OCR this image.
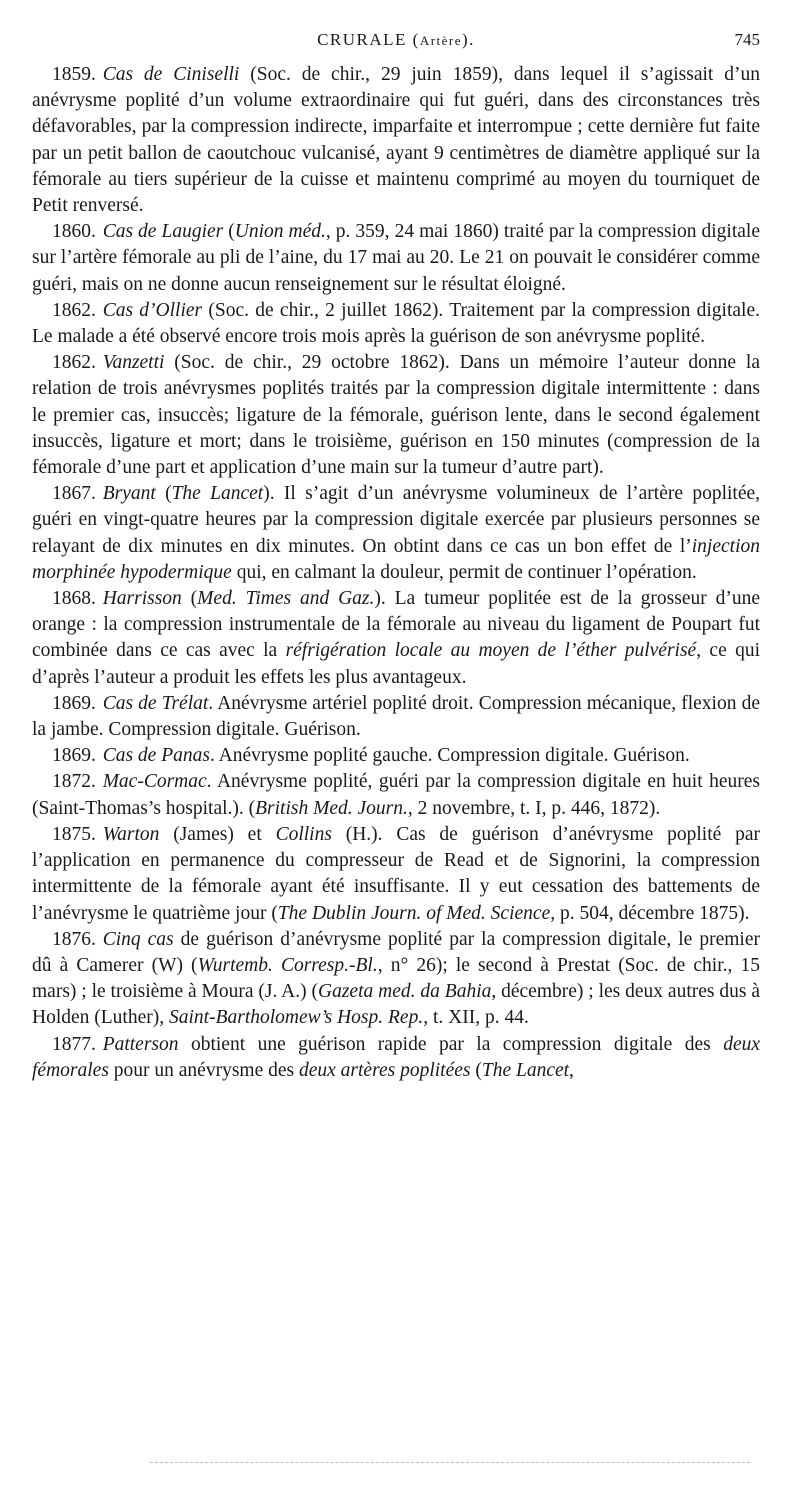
CRURALE (Artère).	745

1859. Cas de Ciniselli (Soc. de chir., 29 juin 1859), dans lequel il s’agissait d’un anévrysme poplité d’un volume extraordinaire qui fut guéri, dans des circonstances très défavorables, par la compression indirecte, imparfaite et interrompue ; cette dernière fut faite par un petit ballon de caoutchouc vulcanisé, ayant 9 centimètres de diamètre appliqué sur la fémorale au tiers supérieur de la cuisse et maintenu comprimé au moyen du tourniquet de Petit renversé.

1860. Cas de Laugier (Union méd., p. 359, 24 mai 1860) traité par la compression digitale sur l’artère fémorale au pli de l’aine, du 17 mai au 20. Le 21 on pouvait le considérer comme guéri, mais on ne donne aucun renseignement sur le résultat éloigné.

1862. Cas d’Ollier (Soc. de chir., 2 juillet 1862). Traitement par la compression digitale. Le malade a été observé encore trois mois après la guérison de son anévrysme poplité.

1862. Vanzetti (Soc. de chir., 29 octobre 1862). Dans un mémoire l’auteur donne la relation de trois anévrysmes poplités traités par la compression digitale intermittente : dans le premier cas, insuccès; ligature de la fémorale, guérison lente, dans le second également insuccès, ligature et mort; dans le troisième, guérison en 150 minutes (compression de la fémorale d’une part et application d’une main sur la tumeur d’autre part).

1867. Bryant (The Lancet). Il s’agit d’un anévrysme volumineux de l’artère poplitée, guéri en vingt-quatre heures par la compression digitale exercée par plusieurs personnes se relayant de dix minutes en dix minutes. On obtint dans ce cas un bon effet de l’injection morphinée hypodermique qui, en calmant la douleur, permit de continuer l’opération.

1868. Harrisson (Med. Times and Gaz.). La tumeur poplitée est de la grosseur d’une orange : la compression instrumentale de la fémorale au niveau du ligament de Poupart fut combinée dans ce cas avec la réfrigération locale au moyen de l’éther pulvérisé, ce qui d’après l’auteur a produit les effets les plus avantageux.

1869. Cas de Trélat. Anévrysme artériel poplité droit. Compression mécanique, flexion de la jambe. Compression digitale. Guérison.

1869. Cas de Panas. Anévrysme poplité gauche. Compression digitale. Guérison.

1872. Mac-Cormac. Anévrysme poplité, guéri par la compression digitale en huit heures (Saint-Thomas’s hospital.). (British Med. Journ., 2 novembre, t. I, p. 446, 1872).

1875. Warton (James) et Collins (H.). Cas de guérison d’anévrysme poplité par l’application en permanence du compresseur de Read et de Signorini, la compression intermittente de la fémorale ayant été insuffisante. Il y eut cessation des battements de l’anévrysme le quatrième jour (The Dublin Journ. of Med. Science, p. 504, décembre 1875).

1876. Cinq cas de guérison d’anévrysme poplité par la compression digitale, le premier dû à Camerer (W) (Wurtemb. Corresp.-Bl., n° 26); le second à Prestat (Soc. de chir., 15 mars) ; le troisième à Moura (J. A.) (Gazeta med. da Bahia, décembre) ; les deux autres dus à Holden (Luther), Saint-Bartholomew’s Hosp. Rep., t. XII, p. 44.

1877. Patterson obtient une guérison rapide par la compression digitale des deux fémorales pour un anévrysme des deux artères poplitées (The Lancet,
